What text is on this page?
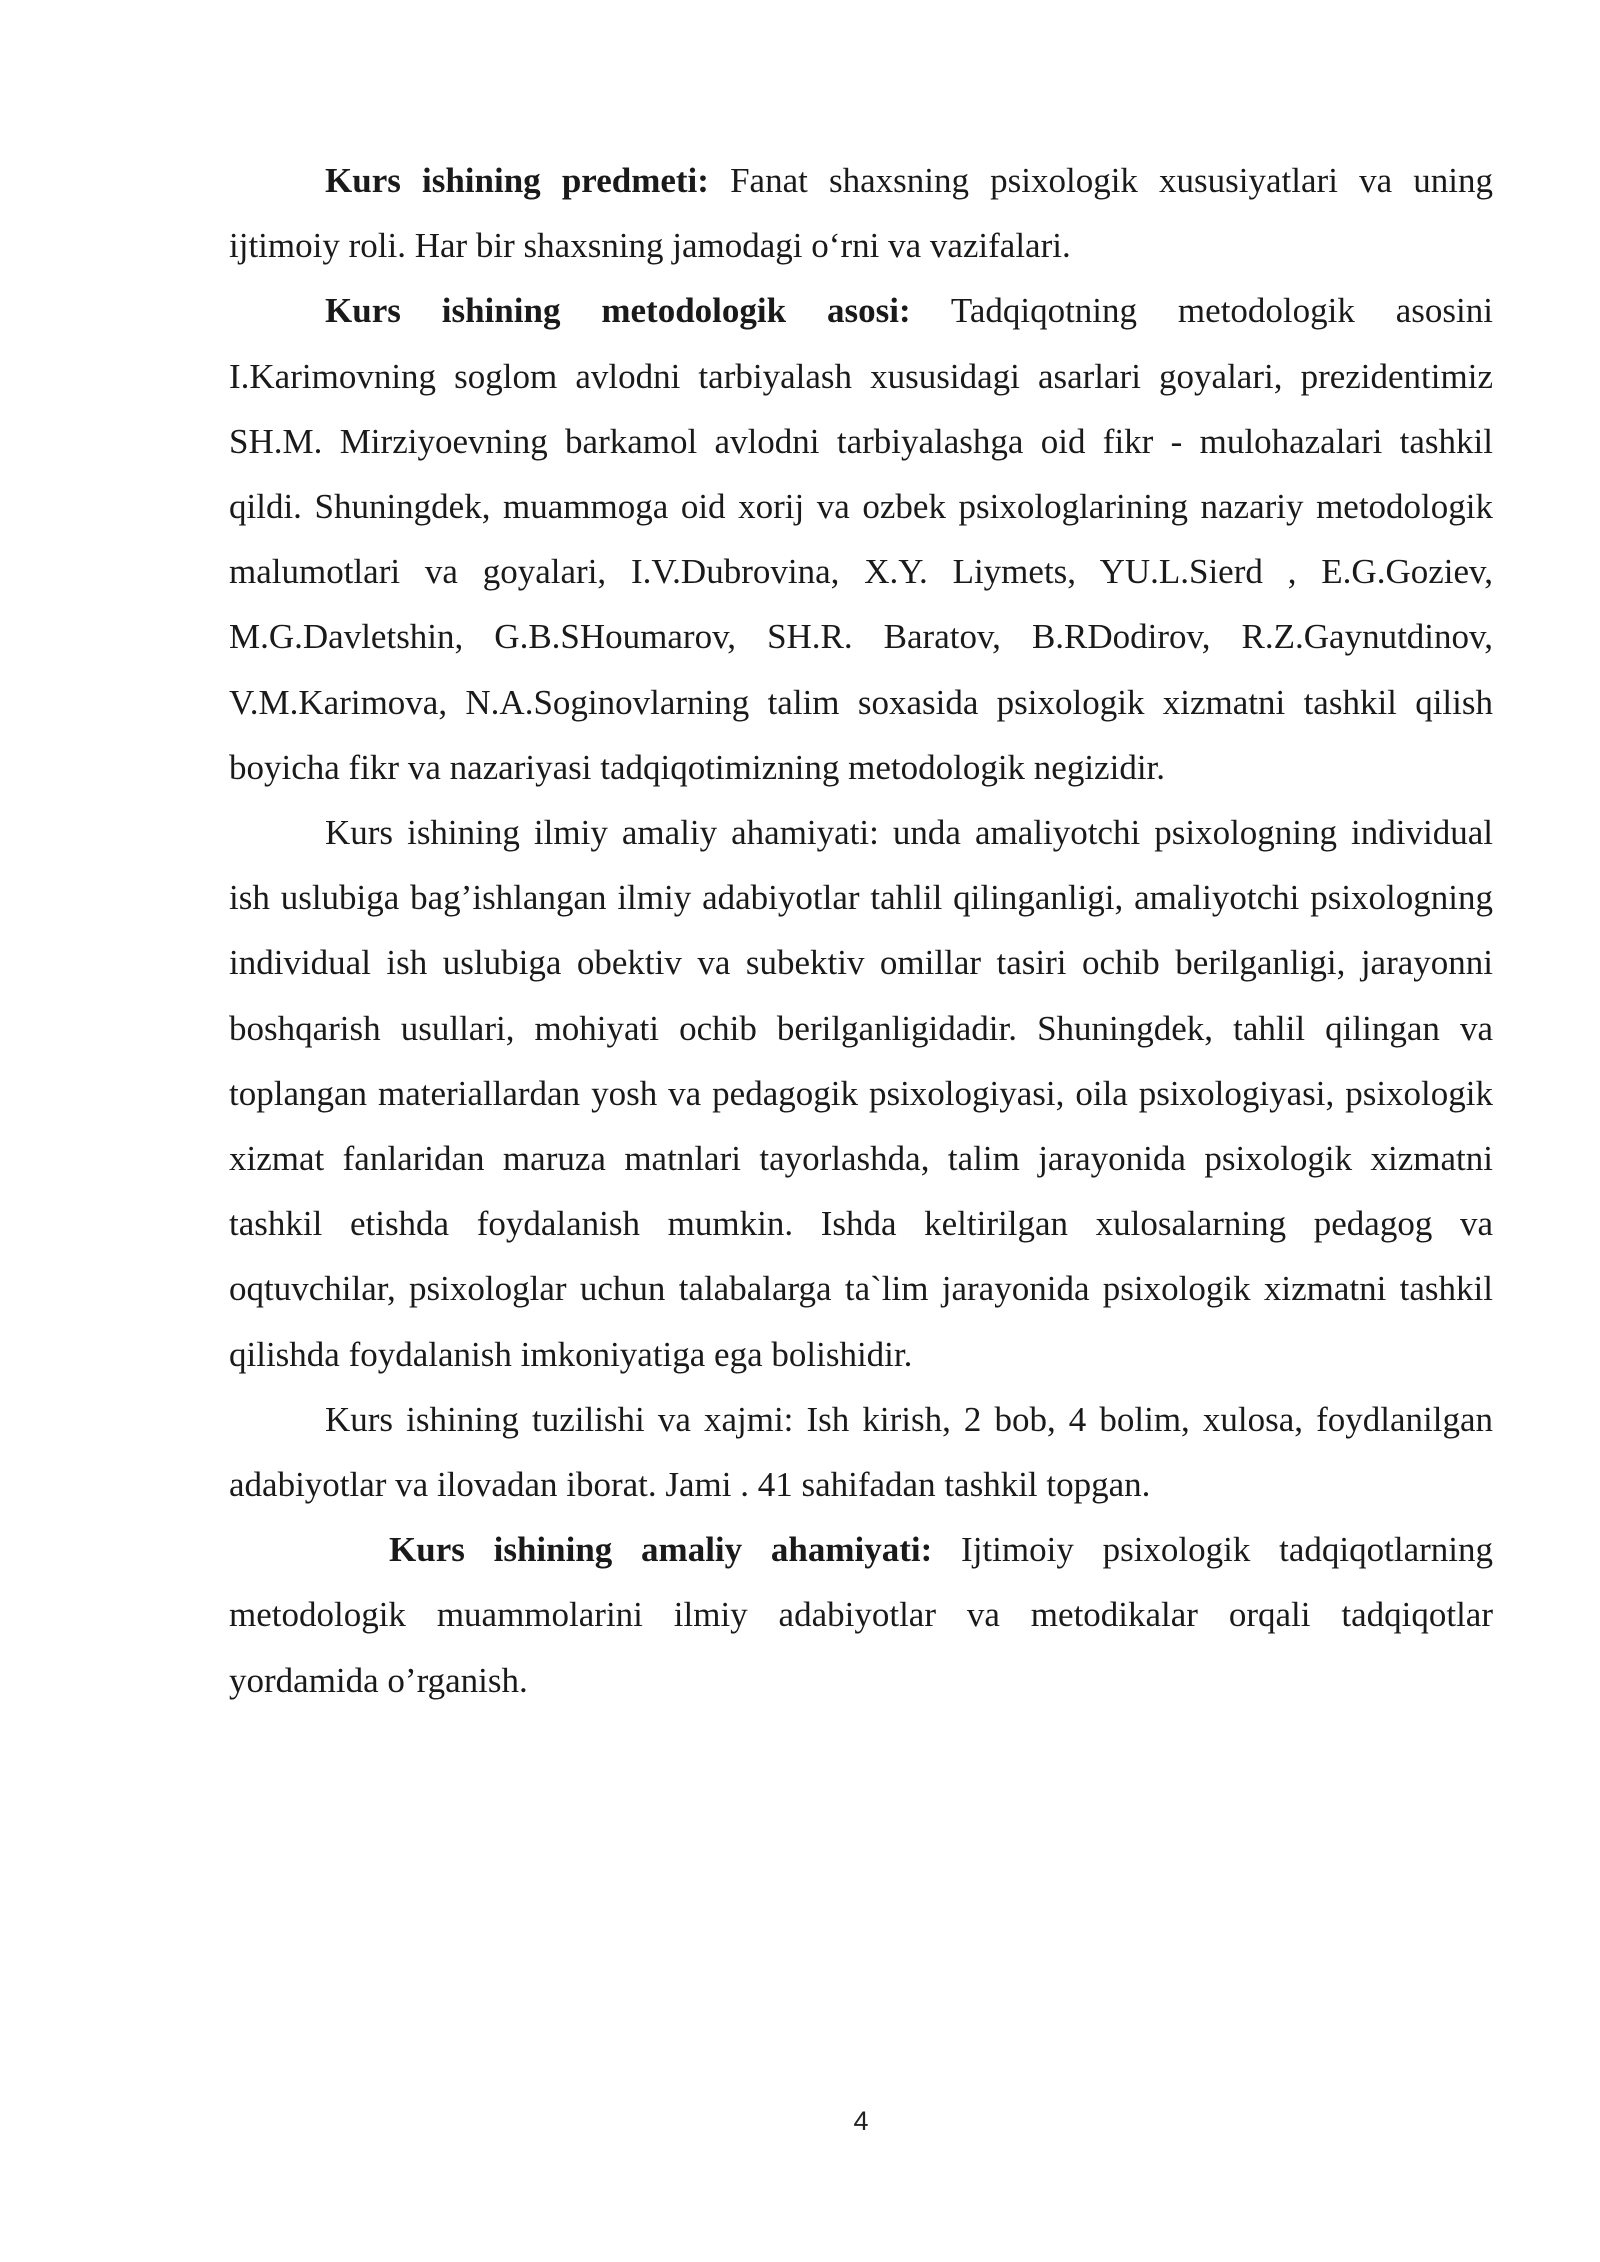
Kurs ishining predmeti: Fanat shaxsning psixologik xususiyatlari va uning ijtimoiy roli. Har bir shaxsning jamodagi o‘rni va vazifalari.

Kurs ishining metodologik asosi: Tadqiqotning metodologik asosini I.Karimovning soglom avlodni tarbiyalash xususidagi asarlari goyalari, prezidentimiz SH.M. Mirziyoevning barkamol avlodni tarbiyalashga oid fikr - mulohazalari tashkil qildi. Shuningdek, muammoga oid xorij va ozbek psixologlarining nazariy metodologik malumotlari va goyalari, I.V.Dubrovina, X.Y. Liymets, YU.L.Sierd , E.G.Goziev, M.G.Davletshin, G.B.SHoumarov, SH.R. Baratov, B.RDodirov, R.Z.Gaynutdinov, V.M.Karimova, N.A.Soginovlarning talim soxasida psixologik xizmatni tashkil qilish boyicha fikr va nazariyasi tadqiqotimizning metodologik negizidir.

Kurs ishining ilmiy amaliy ahamiyati: unda amaliyotchi psixologning individual ish uslubiga bag’ishlangan ilmiy adabiyotlar tahlil qilinganligi, amaliyotchi psixologning individual ish uslubiga obektiv va subektiv omillar tasiri ochib berilganligi, jarayonni boshqarish usullari, mohiyati ochib berilganligidadir. Shuningdek, tahlil qilingan va toplangan materiallardan yosh va pedagogik psixologiyasi, oila psixologiyasi, psixologik xizmat fanlaridan maruza matnlari tayorlashda, talim jarayonida psixologik xizmatni tashkil etishda foydalanish mumkin. Ishda keltirilgan xulosalarning pedagog va oqtuvchilar, psixologlar uchun talabalarga ta`lim jarayonida psixologik xizmatni tashkil qilishda foydalanish imkoniyatiga ega bolishidir.

Kurs ishining tuzilishi va xajmi: Ish kirish, 2 bob, 4 bolim, xulosa, foydlanilgan adabiyotlar va ilovadan iborat. Jami . 41 sahifadan tashkil topgan.

Kurs ishining amaliy ahamiyati: Ijtimoiy psixologik tadqiqotlarning metodologik muammolarini ilmiy adabiyotlar va metodikalar orqali tadqiqotlar yordamida o’rganish.

4
